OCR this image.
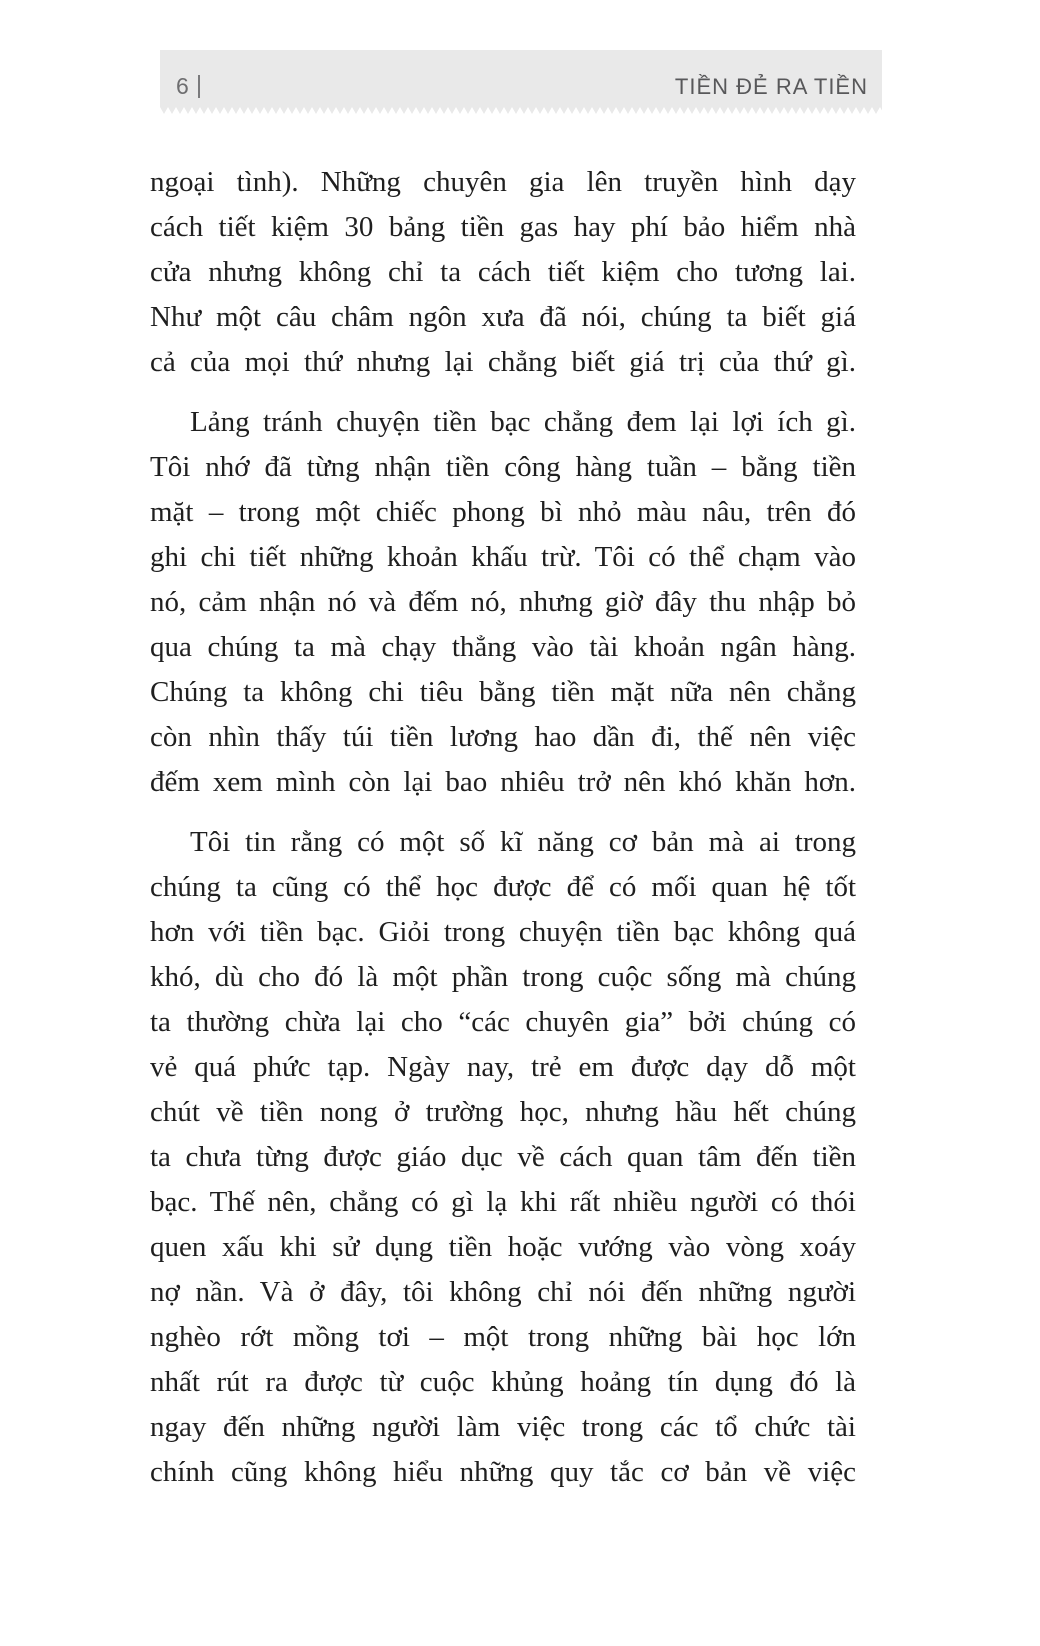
6 |	TIỀN ĐẺ RA TIỀN
ngoại tình). Những chuyên gia lên truyền hình dạy
cách tiết kiệm 30 bảng tiền gas hay phí bảo hiểm nhà
cửa nhưng không chỉ ta cách tiết kiệm cho tương lai.
Như một câu châm ngôn xưa đã nói, chúng ta biết giá
cả của mọi thứ nhưng lại chẳng biết giá trị của thứ gì.
Lảng tránh chuyện tiền bạc chẳng đem lại lợi ích gì.
Tôi nhớ đã từng nhận tiền công hàng tuần – bằng tiền
mặt – trong một chiếc phong bì nhỏ màu nâu, trên đó
ghi chi tiết những khoản khấu trừ. Tôi có thể chạm vào
nó, cảm nhận nó và đếm nó, nhưng giờ đây thu nhập bỏ
qua chúng ta mà chạy thẳng vào tài khoản ngân hàng.
Chúng ta không chi tiêu bằng tiền mặt nữa nên chẳng
còn nhìn thấy túi tiền lương hao dần đi, thế nên việc
đếm xem mình còn lại bao nhiêu trở nên khó khăn hơn.
Tôi tin rằng có một số kĩ năng cơ bản mà ai trong
chúng ta cũng có thể học được để có mối quan hệ tốt
hơn với tiền bạc. Giỏi trong chuyện tiền bạc không quá
khó, dù cho đó là một phần trong cuộc sống mà chúng
ta thường chừa lại cho “các chuyên gia” bởi chúng có
vẻ quá phức tạp. Ngày nay, trẻ em được dạy dỗ một
chút về tiền nong ở trường học, nhưng hầu hết chúng
ta chưa từng được giáo dục về cách quan tâm đến tiền
bạc. Thế nên, chẳng có gì lạ khi rất nhiều người có thói
quen xấu khi sử dụng tiền hoặc vướng vào vòng xoáy
nợ nần. Và ở đây, tôi không chỉ nói đến những người
nghèo rớt mồng tơi – một trong những bài học lớn
nhất rút ra được từ cuộc khủng hoảng tín dụng đó là
ngay đến những người làm việc trong các tổ chức tài
chính cũng không hiểu những quy tắc cơ bản về việc
